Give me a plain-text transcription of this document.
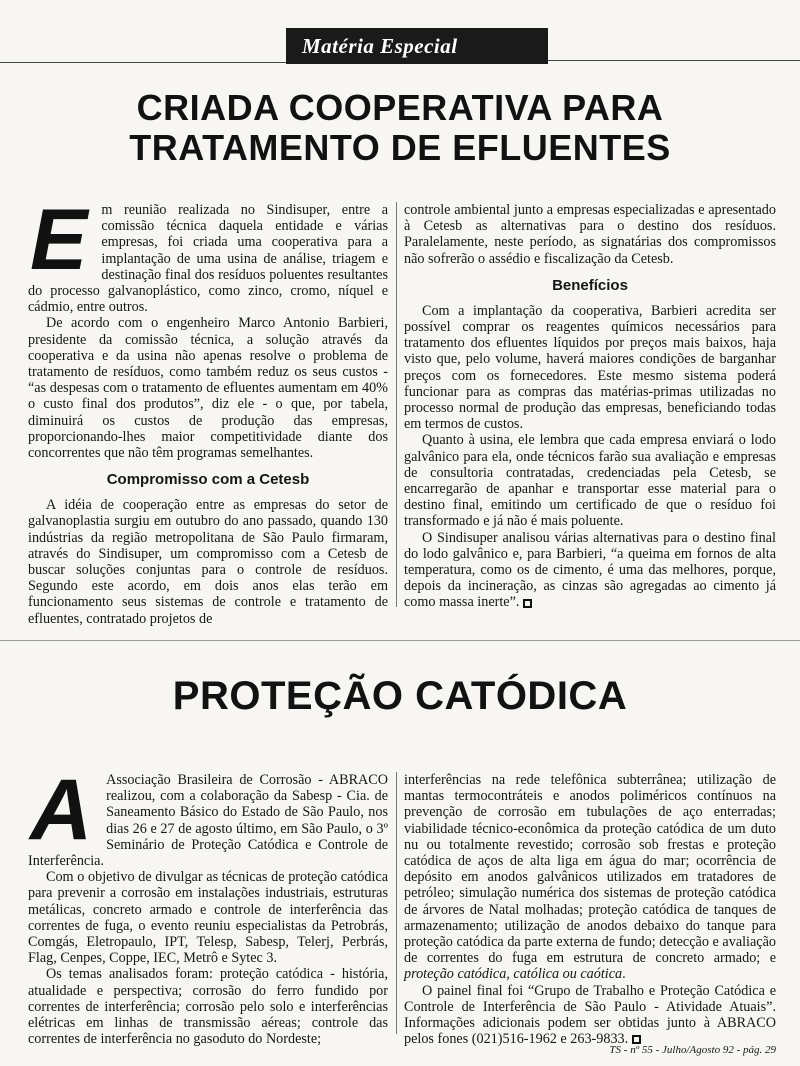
Matéria Especial
CRIADA COOPERATIVA PARA
TRATAMENTO DE EFLUENTES

Em reunião realizada no Sindisuper, entre a comissão técnica daquela entidade e várias empresas, foi criada uma cooperativa para a implantação de uma usina de análise, triagem e destinação final dos resíduos poluentes resultantes do processo galvanoplástico, como zinco, cromo, níquel e cádmio, entre outros.

De acordo com o engenheiro Marco Antonio Barbieri, presidente da comissão técnica, a solução através da cooperativa e da usina não apenas resolve o problema de tratamento de resíduos, como também reduz os seus custos - “as despesas com o tratamento de efluentes aumentam em 40% o custo final dos produtos”, diz ele - o que, por tabela, diminuirá os custos de produção das empresas, proporcionando-lhes maior competitividade diante dos concorrentes que não têm programas semelhantes.

Compromisso com a Cetesb

A idéia de cooperação entre as empresas do setor de galvanoplastia surgiu em outubro do ano passado, quando 130 indústrias da região metropolitana de São Paulo firmaram, através do Sindisuper, um compromisso com a Cetesb de buscar soluções conjuntas para o controle de resíduos. Segundo este acordo, em dois anos elas terão em funcionamento seus sistemas de controle e tratamento de efluentes, contratado projetos de

controle ambiental junto a empresas especializadas e apresentado à Cetesb as alternativas para o destino dos resíduos. Paralelamente, neste período, as signatárias dos compromissos não sofrerão o assédio e fiscalização da Cetesb.

Benefícios

Com a implantação da cooperativa, Barbieri acredita ser possível comprar os reagentes químicos necessários para tratamento dos efluentes líquidos por preços mais baixos, haja visto que, pelo volume, haverá maiores condições de barganhar preços com os fornecedores. Este mesmo sistema poderá funcionar para as compras das matérias-primas utilizadas no processo normal de produção das empresas, beneficiando todas em termos de custos.

Quanto à usina, ele lembra que cada empresa enviará o lodo galvânico para ela, onde técnicos farão sua avaliação e empresas de consultoria contratadas, credenciadas pela Cetesb, se encarregarão de apanhar e transportar esse material para o destino final, emitindo um certificado de que o resíduo foi transformado e já não é mais poluente.

O Sindisuper analisou várias alternativas para o destino final do lodo galvânico e, para Barbieri, “a queima em fornos de alta temperatura, como os de cimento, é uma das melhores, porque, depois da incineração, as cinzas são agregadas ao cimento já como massa inerte”.

PROTEÇÃO CATÓDICA

A Associação Brasileira de Corrosão - ABRACO realizou, com a colaboração da Sabesp - Cia. de Saneamento Básico do Estado de São Paulo, nos dias 26 e 27 de agosto último, em São Paulo, o 3º Seminário de Proteção Catódica e Controle de Interferência.

Com o objetivo de divulgar as técnicas de proteção catódica para prevenir a corrosão em instalações industriais, estruturas metálicas, concreto armado e controle de interferência das correntes de fuga, o evento reuniu especialistas da Petrobrás, Comgás, Eletropaulo, IPT, Telesp, Sabesp, Telerj, Perbrás, Flag, Cenpes, Coppe, IEC, Metrô e Sytec 3.

Os temas analisados foram: proteção catódica - história, atualidade e perspectiva; corrosão do ferro fundido por correntes de interferência; corrosão pelo solo e interferências elétricas em linhas de transmissão aéreas; controle das correntes de interferência no gasoduto do Nordeste;

interferências na rede telefônica subterrânea; utilização de mantas termocontráteis e anodos poliméricos contínuos na prevenção de corrosão em tubulações de aço enterradas; viabilidade técnico-econômica da proteção catódica de um duto nu ou totalmente revestido; corrosão sob frestas e proteção catódica de aços de alta liga em água do mar; ocorrência de depósito em anodos galvânicos utilizados em tratadores de petróleo; simulação numérica dos sistemas de proteção catódica de árvores de Natal molhadas; proteção catódica de tanques de armazenamento; utilização de anodos debaixo do tanque para proteção catódica da parte externa de fundo; detecção e avaliação de correntes do fuga em estrutura de concreto armado; e proteção catódica, católica ou caótica.

O painel final foi “Grupo de Trabalho e Proteção Catódica e Controle de Interferência de São Paulo - Atividade Atuais”. Informações adicionais podem ser obtidas junto à ABRACO pelos fones (021)516-1962 e 263-9833.

TS - nº 55 - Julho/Agosto 92 - pág. 29
